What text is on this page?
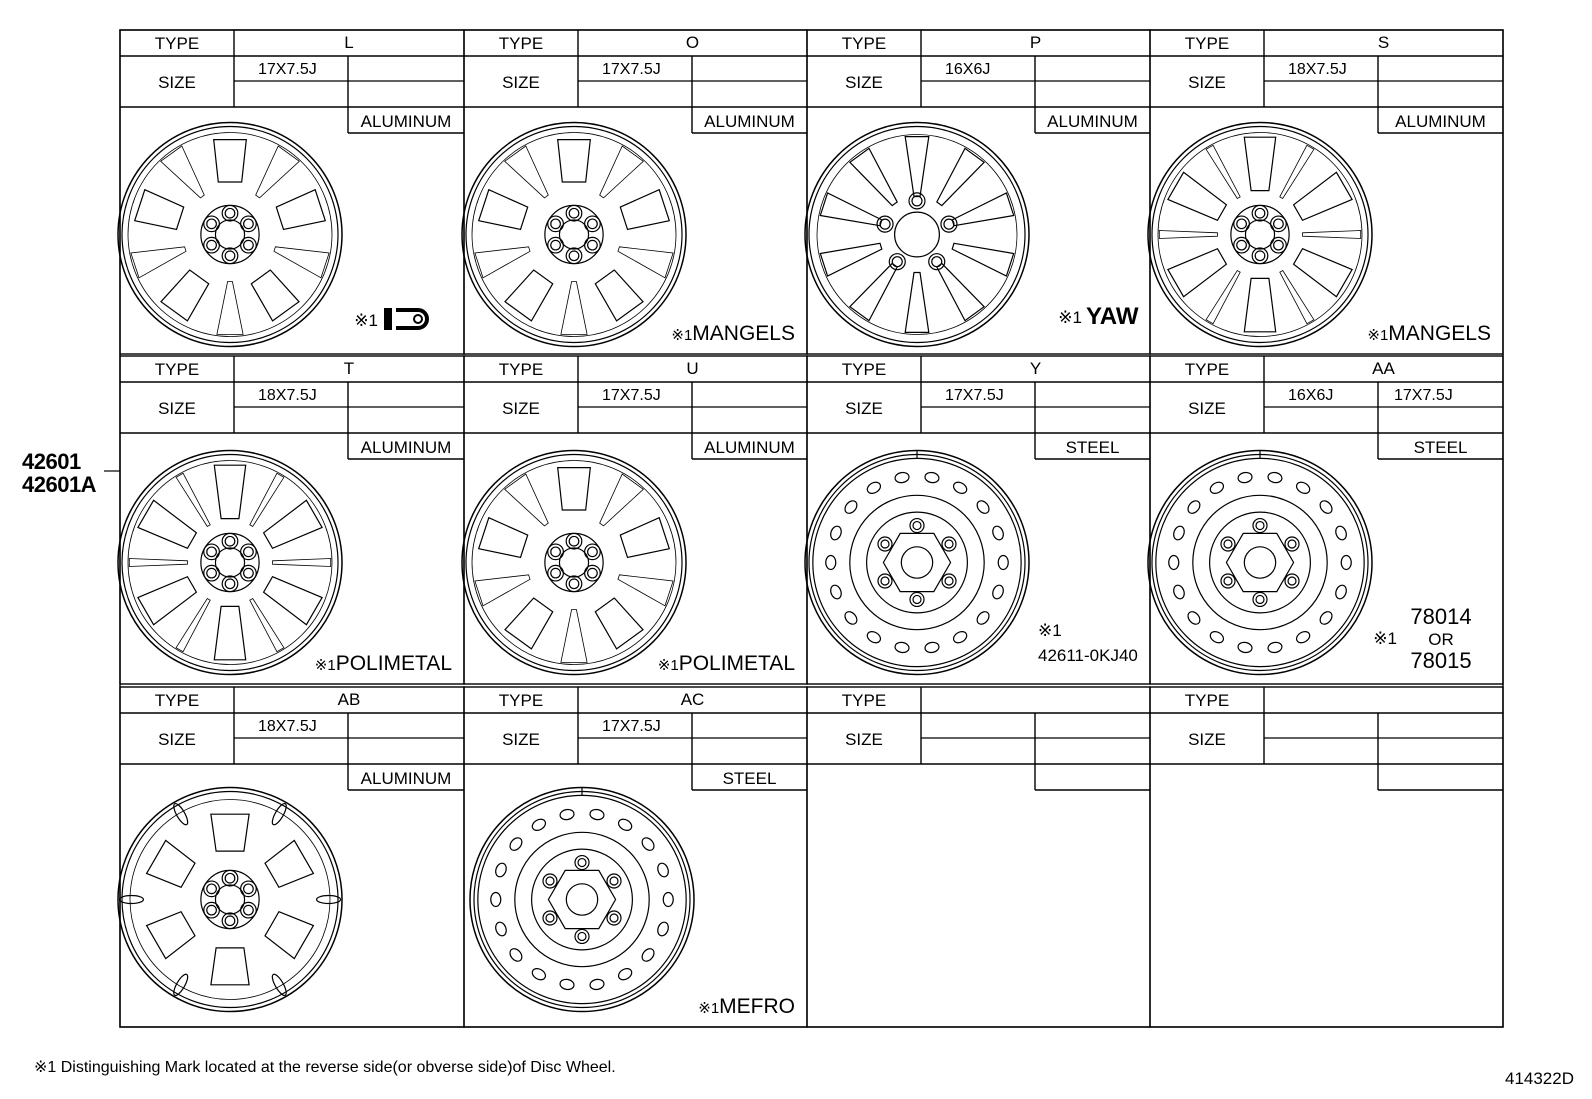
42601
42601A
TYPE
SIZE
L
17X7.5J
ALUMINUM
※1
TYPE
SIZE
O
17X7.5J
ALUMINUM
※1MANGELS
TYPE
SIZE
P
16X6J
ALUMINUM
※1 YAW
TYPE
SIZE
S
18X7.5J
ALUMINUM
※1MANGELS
TYPE
SIZE
T
18X7.5J
ALUMINUM
※1POLIMETAL
TYPE
SIZE
U
17X7.5J
ALUMINUM
※1POLIMETAL
TYPE
SIZE
Y
17X7.5J
STEEL
※1
42611-0KJ40
TYPE
SIZE
AA
16X6J	17X7.5J
STEEL
78014
※1 OR
78015
TYPE
SIZE
AB
18X7.5J
ALUMINUM
TYPE
SIZE
AC
17X7.5J
STEEL
※1MEFRO
TYPE
SIZE
TYPE
SIZE
※1 Distinguishing Mark located at the reverse side(or obverse side)of Disc Wheel.
414322D
